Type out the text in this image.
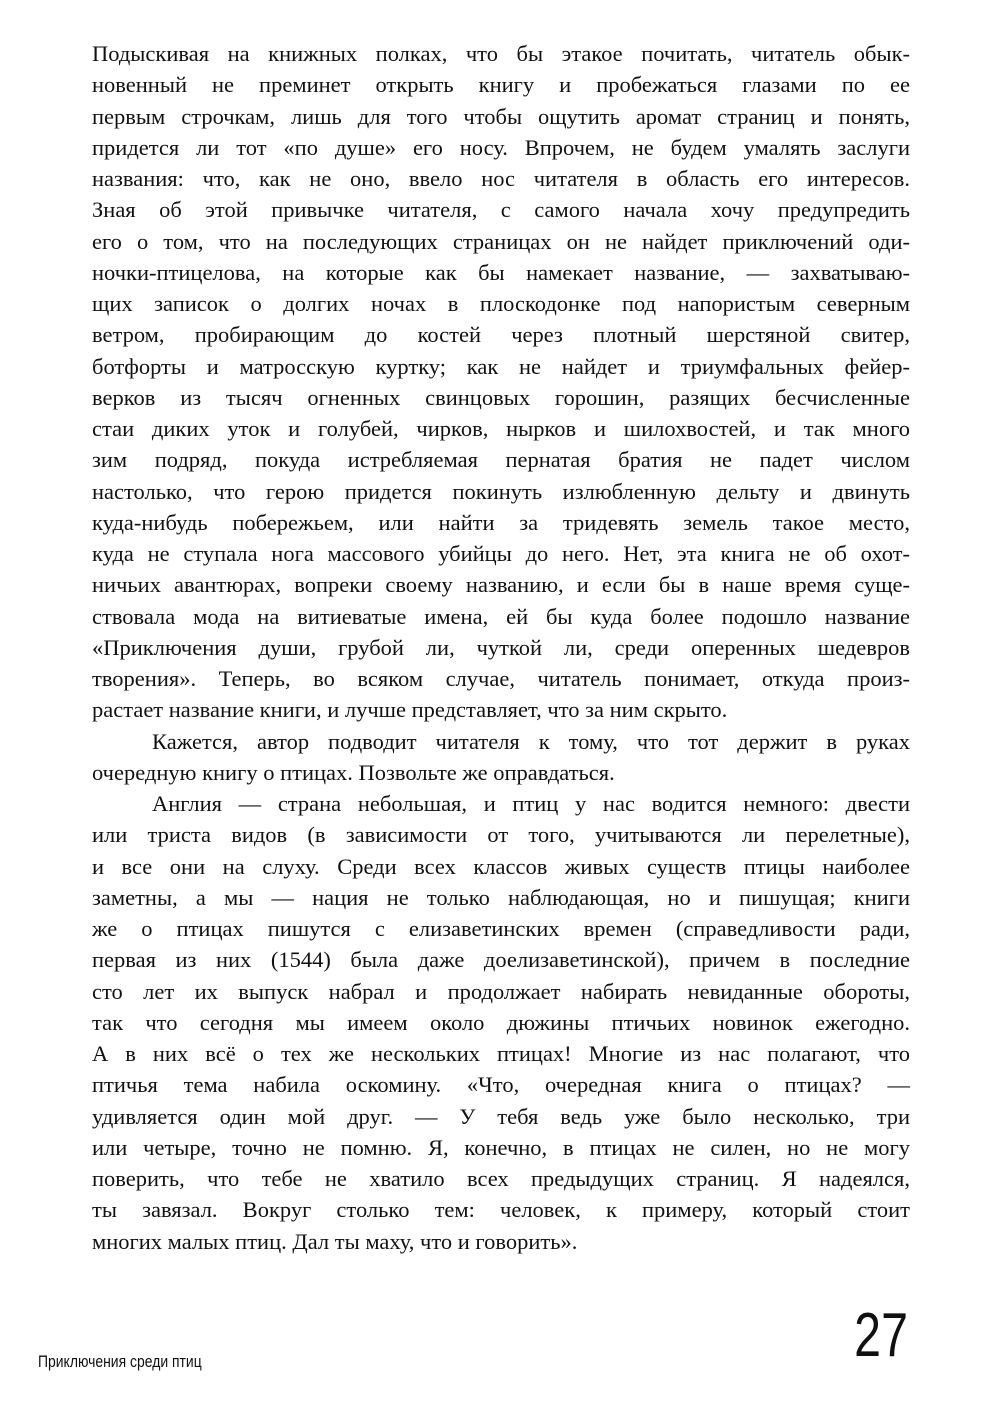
Подыскивая на книжных полках, что бы этакое почитать, читатель обык-
новенный не преминет открыть книгу и пробежаться глазами по ее
первым строчкам, лишь для того чтобы ощутить аромат страниц и понять,
придется ли тот «по душе» его носу. Впрочем, не будем умалять заслуги
названия: что, как не оно, ввело нос читателя в область его интересов.
Зная об этой привычке читателя, с самого начала хочу предупредить
его о том, что на последующих страницах он не найдет приключений оди-
ночки-птицелова, на которые как бы намекает название, — захватываю-
щих записок о долгих ночах в плоскодонке под напористым северным
ветром, пробирающим до костей через плотный шерстяной свитер,
ботфорты и матросскую куртку; как не найдет и триумфальных фейер-
верков из тысяч огненных свинцовых горошин, разящих бесчисленные
стаи диких уток и голубей, чирков, нырков и шилохвостей, и так много
зим подряд, покуда истребляемая пернатая братия не падет числом
настолько, что герою придется покинуть излюбленную дельту и двинуть
куда-нибудь побережьем, или найти за тридевять земель такое место,
куда не ступала нога массового убийцы до него. Нет, эта книга не об охот-
ничьих авантюрах, вопреки своему названию, и если бы в наше время суще-
ствовала мода на витиеватые имена, ей бы куда более подошло название
«Приключения души, грубой ли, чуткой ли, среди оперенных шедевров
творения». Теперь, во всяком случае, читатель понимает, откуда произ-
растает название книги, и лучше представляет, что за ним скрыто.
Кажется, автор подводит читателя к тому, что тот держит в руках
очередную книгу о птицах. Позвольте же оправдаться.
Англия — страна небольшая, и птиц у нас водится немного: двести
или триста видов (в зависимости от того, учитываются ли перелетные),
и все они на слуху. Среди всех классов живых существ птицы наиболее
заметны, а мы — нация не только наблюдающая, но и пишущая; книги
же о птицах пишутся с елизаветинских времен (справедливости ради,
первая из них (1544) была даже доелизаветинской), причем в последние
сто лет их выпуск набрал и продолжает набирать невиданные обороты,
так что сегодня мы имеем около дюжины птичьих новинок ежегодно.
А в них всё о тех же нескольких птицах! Многие из нас полагают, что
птичья тема набила оскомину. «Что, очередная книга о птицах? —
удивляется один мой друг. — У тебя ведь уже было несколько, три
или четыре, точно не помню. Я, конечно, в птицах не силен, но не могу
поверить, что тебе не хватило всех предыдущих страниц. Я надеялся,
ты завязал. Вокруг столько тем: человек, к примеру, который стоит
многих малых птиц. Дал ты маху, что и говорить».
Приключения среди птиц	27
